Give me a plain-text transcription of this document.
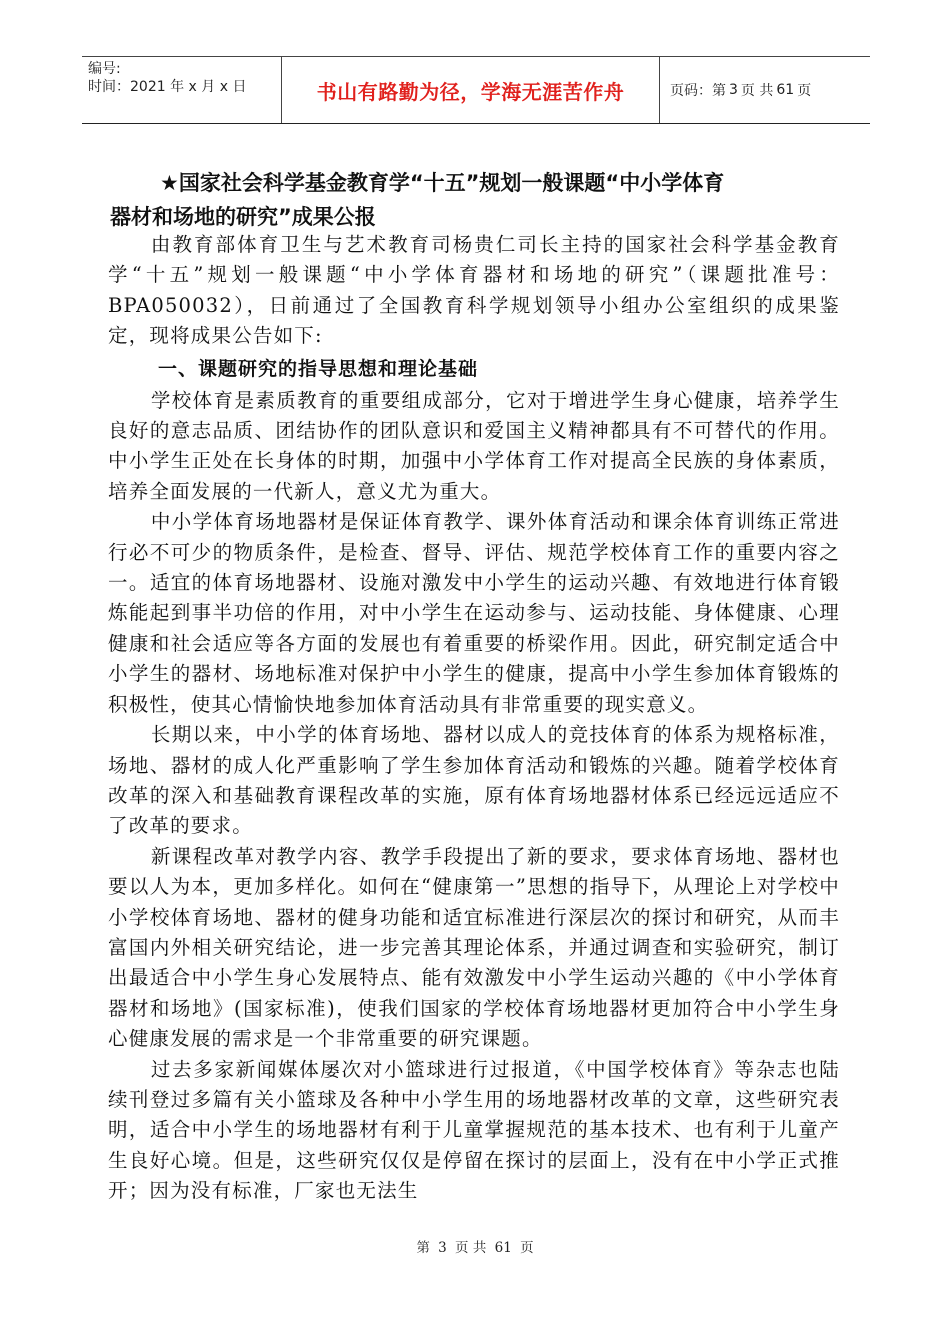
编号:
时间：2021 年 x 月 x 日	书山有路勤为径，学海无涯苦作舟	页码：第 3 页 共 61 页
★国家社会科学基金教育学“十五”规划一般课题“中小学体育
器材和场地的研究”成果公报

由教育部体育卫生与艺术教育司杨贵仁司长主持的国家社会科学基金教育学“十五”规划一般课题“中小学体育器材和场地的研究”（课题批准号：BPA050032），日前通过了全国教育科学规划领导小组办公室组织的成果鉴定，现将成果公告如下:

一、课题研究的指导思想和理论基础

学校体育是素质教育的重要组成部分，它对于增进学生身心健康，培养学生良好的意志品质、团结协作的团队意识和爱国主义精神都具有不可替代的作用。中小学生正处在长身体的时期，加强中小学体育工作对提高全民族的身体素质，培养全面发展的一代新人，意义尤为重大。

中小学体育场地器材是保证体育教学、课外体育活动和课余体育训练正常进行必不可少的物质条件，是检查、督导、评估、规范学校体育工作的重要内容之一。适宜的体育场地器材、设施对激发中小学生的运动兴趣、有效地进行体育锻炼能起到事半功倍的作用，对中小学生在运动参与、运动技能、身体健康、心理健康和社会适应等各方面的发展也有着重要的桥梁作用。因此，研究制定适合中小学生的器材、场地标准对保护中小学生的健康，提高中小学生参加体育锻炼的积极性，使其心情愉快地参加体育活动具有非常重要的现实意义。

长期以来，中小学的体育场地、器材以成人的竞技体育的体系为规格标准，场地、器材的成人化严重影响了学生参加体育活动和锻炼的兴趣。随着学校体育改革的深入和基础教育课程改革的实施，原有体育场地器材体系已经远远适应不了改革的要求。

新课程改革对教学内容、教学手段提出了新的要求，要求体育场地、器材也要以人为本，更加多样化。如何在“健康第一”思想的指导下，从理论上对学校中小学校体育场地、器材的健身功能和适宜标准进行深层次的探讨和研究，从而丰富国内外相关研究结论，进一步完善其理论体系，并通过调查和实验研究，制订出最适合中小学生身心发展特点、能有效激发中小学生运动兴趣的《中小学体育器材和场地》(国家标准)，使我们国家的学校体育场地器材更加符合中小学生身心健康发展的需求是一个非常重要的研究课题。

过去多家新闻媒体屡次对小篮球进行过报道，《中国学校体育》等杂志也陆续刊登过多篇有关小篮球及各种中小学生用的场地器材改革的文章，这些研究表明，适合中小学生的场地器材有利于儿童掌握规范的基本技术、也有利于儿童产生良好心境。但是，这些研究仅仅是停留在探讨的层面上，没有在中小学正式推开；因为没有标准，厂家也无法生

第 3 页 共 61 页
